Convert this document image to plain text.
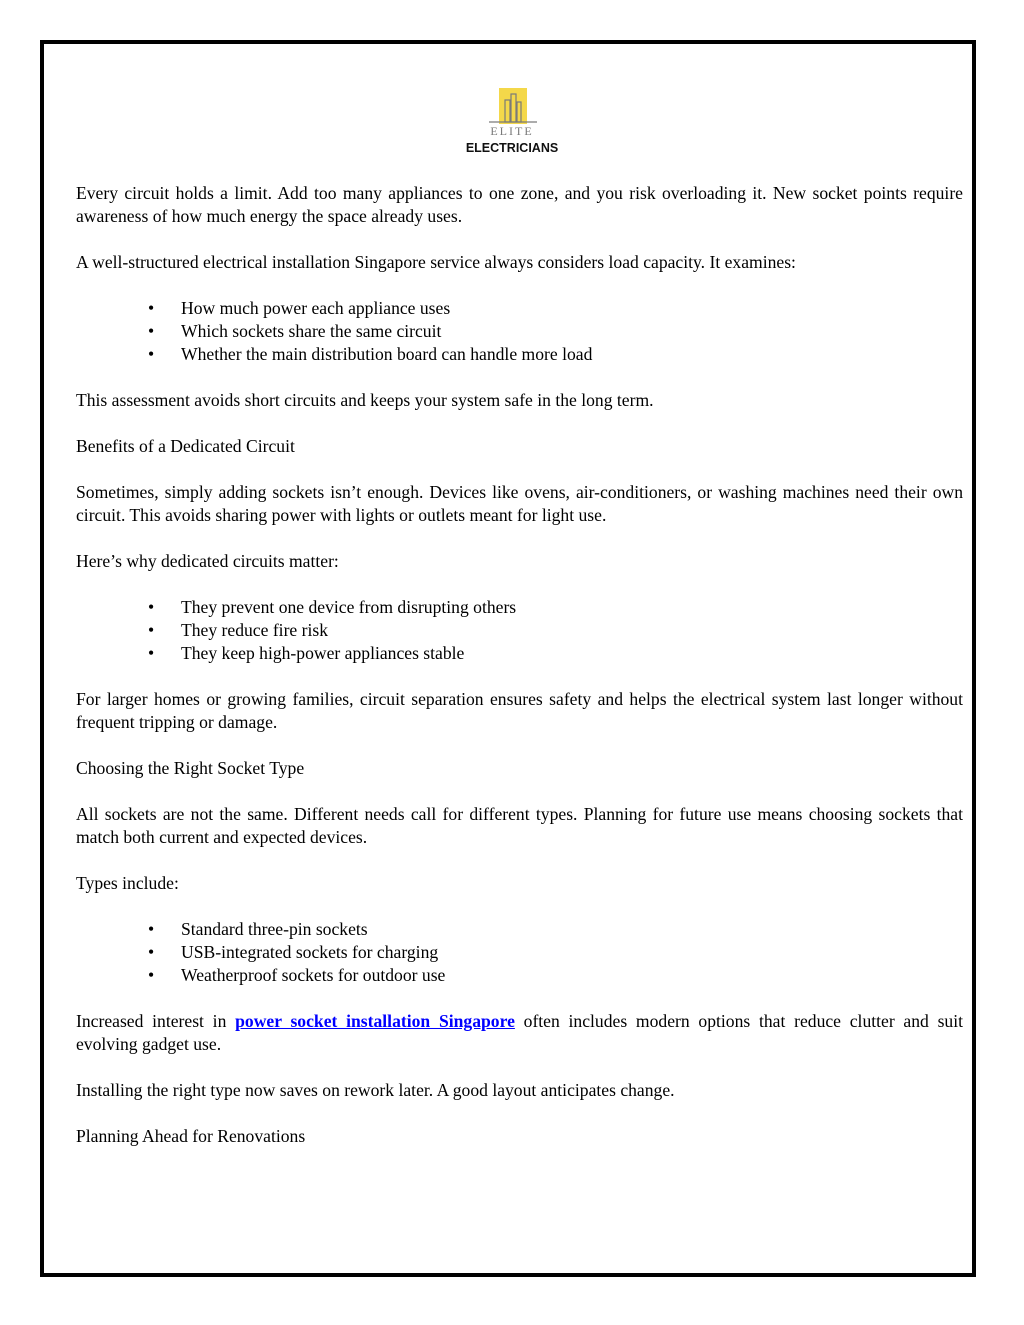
ELITE
ELECTRICIANS

Every circuit holds a limit. Add too many appliances to one zone, and you risk overloading it. New socket points require awareness of how much energy the space already uses.

A well-structured electrical installation Singapore service always considers load capacity. It examines:

• How much power each appliance uses
• Which sockets share the same circuit
• Whether the main distribution board can handle more load

This assessment avoids short circuits and keeps your system safe in the long term.

Benefits of a Dedicated Circuit

Sometimes, simply adding sockets isn’t enough. Devices like ovens, air-conditioners, or washing machines need their own circuit. This avoids sharing power with lights or outlets meant for light use.

Here’s why dedicated circuits matter:

• They prevent one device from disrupting others
• They reduce fire risk
• They keep high-power appliances stable

For larger homes or growing families, circuit separation ensures safety and helps the electrical system last longer without frequent tripping or damage.

Choosing the Right Socket Type

All sockets are not the same. Different needs call for different types. Planning for future use means choosing sockets that match both current and expected devices.

Types include:

• Standard three-pin sockets
• USB-integrated sockets for charging
• Weatherproof sockets for outdoor use

Increased interest in power socket installation Singapore often includes modern options that reduce clutter and suit evolving gadget use.

Installing the right type now saves on rework later. A good layout anticipates change.

Planning Ahead for Renovations
